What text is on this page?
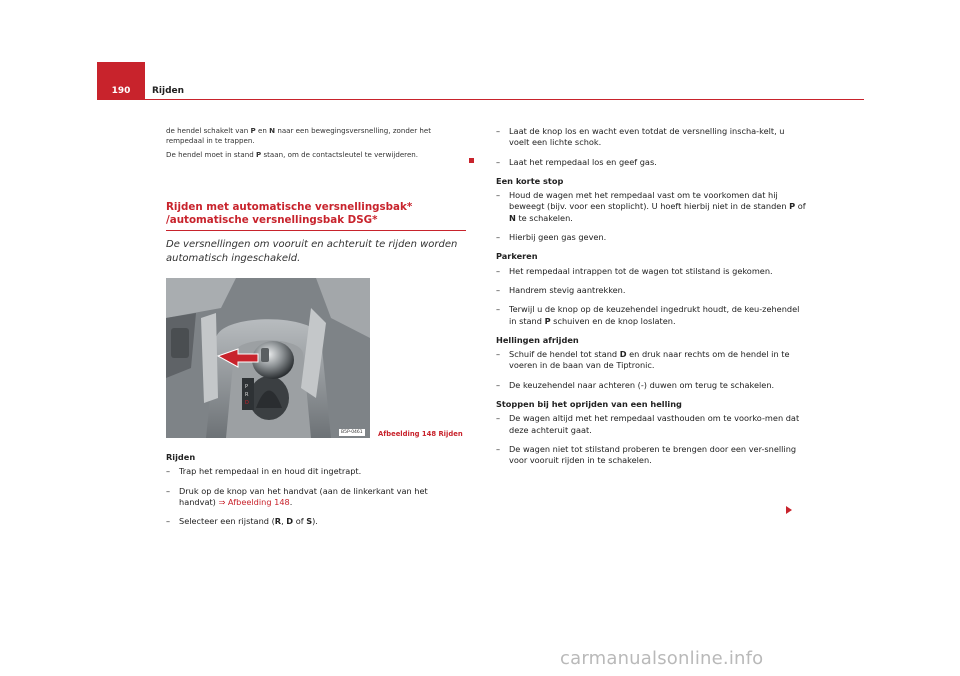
190	Rijden

de hendel schakelt van P en N naar een bewegingsversnelling, zonder het rempedaal in te trappen.

De hendel moet in stand P staan, om de contactsleutel te verwijderen.

Rijden met automatische versnellingsbak* /automatische versnellingsbak DSG*

De versnellingen om vooruit en achteruit te rijden worden automatisch ingeschakeld.

P
R
D
B5P-0461 Afbeelding 148 Rijden

Rijden

– Trap het rempedaal in en houd dit ingetrapt.

– Druk op de knop van het handvat (aan de linkerkant van het handvat) ⇒ Afbeelding 148.

– Selecteer een rijstand (R, D of S).

– Laat de knop los en wacht even totdat de versnelling inscha-kelt, u voelt een lichte schok.

– Laat het rempedaal los en geef gas.

Een korte stop

– Houd de wagen met het rempedaal vast om te voorkomen dat hij beweegt (bijv. voor een stoplicht). U hoeft hierbij niet in de standen P of N te schakelen.

– Hierbij geen gas geven.

Parkeren

– Het rempedaal intrappen tot de wagen tot stilstand is gekomen.

– Handrem stevig aantrekken.

– Terwijl u de knop op de keuzehendel ingedrukt houdt, de keu-zehendel in stand P schuiven en de knop loslaten.

Hellingen afrijden

– Schuif de hendel tot stand D en druk naar rechts om de hendel in te voeren in de baan van de Tiptronic.

– De keuzehendel naar achteren (-) duwen om terug te schakelen.

Stoppen bij het oprijden van een helling

– De wagen altijd met het rempedaal vasthouden om te voorko-men dat deze achteruit gaat.

– De wagen niet tot stilstand proberen te brengen door een ver-snelling voor vooruit rijden in te schakelen.

carmanualsonline.info
